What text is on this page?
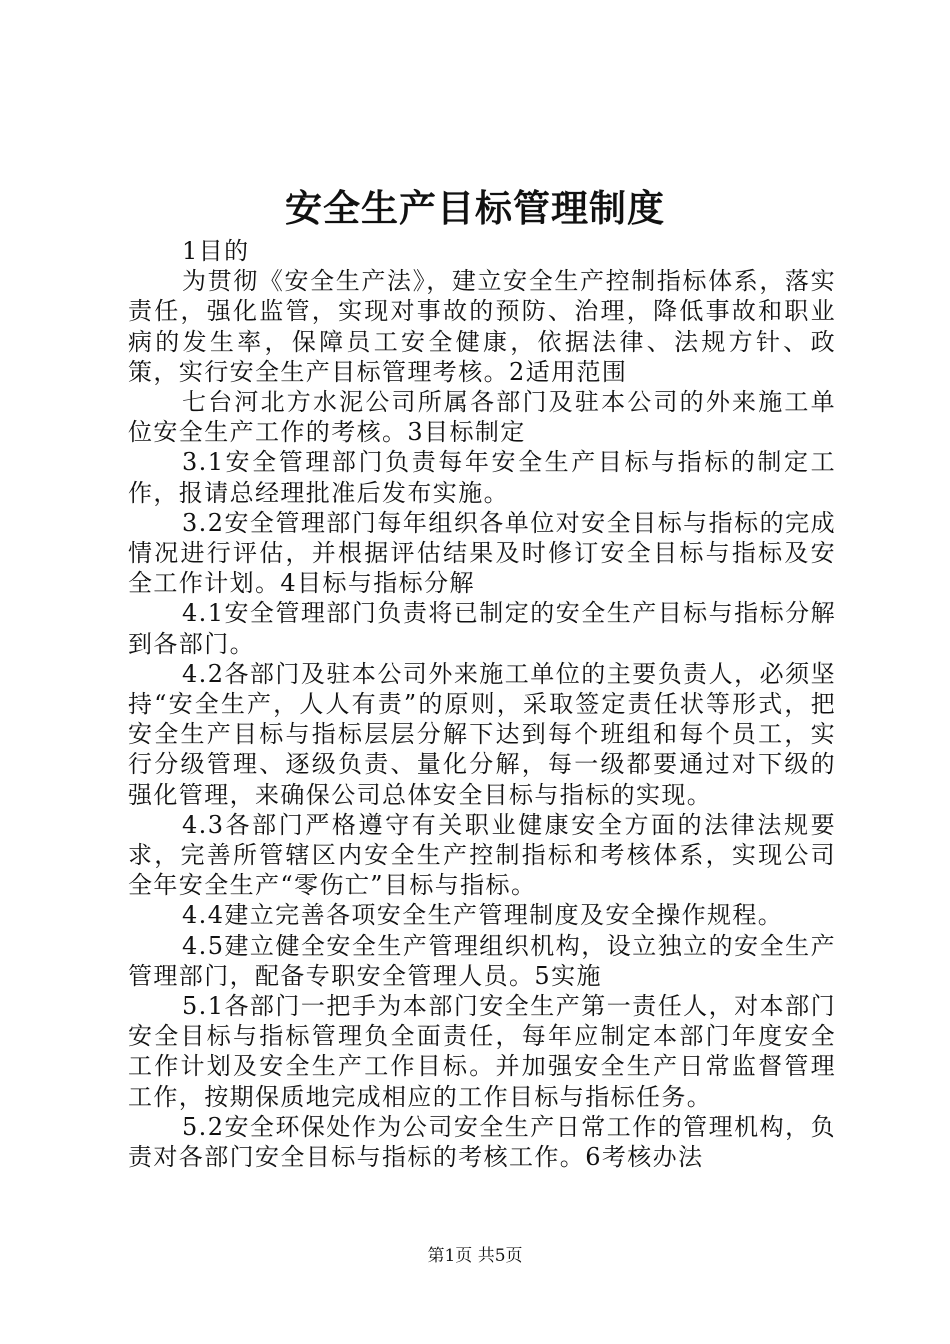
安全生产目标管理制度

1目的

为贯彻《安全生产法》，建立安全生产控制指标体系，落实责任，强化监管，实现对事故的预防、治理，降低事故和职业病的发生率，保障员工安全健康，依据法律、法规方针、政策，实行安全生产目标管理考核。2适用范围

七台河北方水泥公司所属各部门及驻本公司的外来施工单位安全生产工作的考核。3目标制定

3.1安全管理部门负责每年安全生产目标与指标的制定工作，报请总经理批准后发布实施。

3.2安全管理部门每年组织各单位对安全目标与指标的完成情况进行评估，并根据评估结果及时修订安全目标与指标及安全工作计划。4目标与指标分解

4.1安全管理部门负责将已制定的安全生产目标与指标分解到各部门。

4.2各部门及驻本公司外来施工单位的主要负责人，必须坚持“安全生产，人人有责”的原则，采取签定责任状等形式，把安全生产目标与指标层层分解下达到每个班组和每个员工，实行分级管理、逐级负责、量化分解，每一级都要通过对下级的强化管理，来确保公司总体安全目标与指标的实现。

4.3各部门严格遵守有关职业健康安全方面的法律法规要求，完善所管辖区内安全生产控制指标和考核体系，实现公司全年安全生产“零伤亡”目标与指标。

4.4建立完善各项安全生产管理制度及安全操作规程。

4.5建立健全安全生产管理组织机构，设立独立的安全生产管理部门，配备专职安全管理人员。5实施

5.1各部门一把手为本部门安全生产第一责任人，对本部门安全目标与指标管理负全面责任，每年应制定本部门年度安全工作计划及安全生产工作目标。并加强安全生产日常监督管理工作，按期保质地完成相应的工作目标与指标任务。

5.2安全环保处作为公司安全生产日常工作的管理机构，负责对各部门安全目标与指标的考核工作。6考核办法

第1页 共5页
